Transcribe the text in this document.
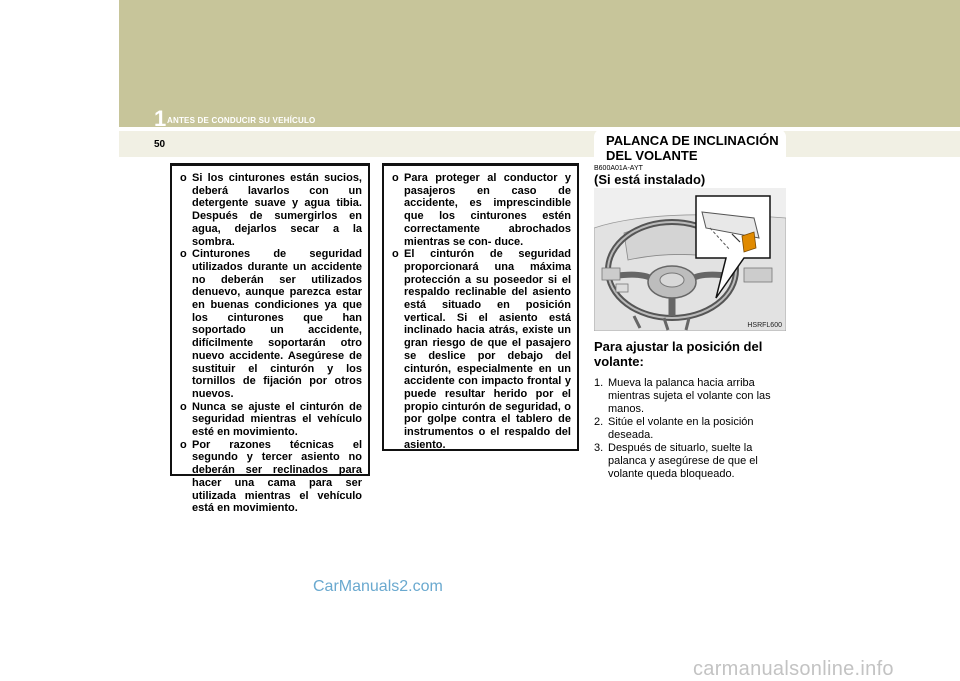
1 ANTES DE CONDUCIR SU VEHÍCULO
50	PALANCA DE INCLINACIÓN
DEL VOLANTE
o Si los cinturones están sucios, deberá lavarlos con un detergente suave y agua tibia. Después de sumergirlos en agua, dejarlos secar a la sombra.
o Cinturones de seguridad utilizados durante un accidente no deberán ser utilizados denuevo, aunque parezca estar en buenas condiciones ya que los cinturones que han soportado un accidente, difícilmente soportarán otro nuevo accidente. Asegúrese de sustituir el cinturón y los tornillos de fijación por otros nuevos.
o Nunca se ajuste el cinturón de seguridad mientras el vehículo esté en movimiento.
o Por razones técnicas el segundo y tercer asiento no deberán ser reclinados para hacer una cama para ser utilizada mientras el vehículo está en movimiento.
o Para proteger al conductor y pasajeros en caso de accidente, es imprescindible que los cinturones estén correctamente abrochados mientras se con- duce.
o El cinturón de seguridad proporcionará una máxima protección a su poseedor si el respaldo reclinable del asiento está situado en posición vertical. Si el asiento está inclinado hacia atrás, existe un gran riesgo de que el pasajero se deslice por debajo del cinturón, especialmente en un accidente con impacto frontal y puede resultar herido por el propio cinturón de seguridad, o por golpe contra el tablero de instrumentos o el respaldo del asiento.
B600A01A-AYT
(Si está instalado)
HSRFL600
Para ajustar la posición del volante:
1. Mueva la palanca hacia arriba mientras sujeta el volante con las manos.
2. Sitúe el volante en la posición deseada.
3. Después de situarlo, suelte la palanca y asegúrese de que el volante queda bloqueado.
CarManuals2.com
carmanualsonline.info
